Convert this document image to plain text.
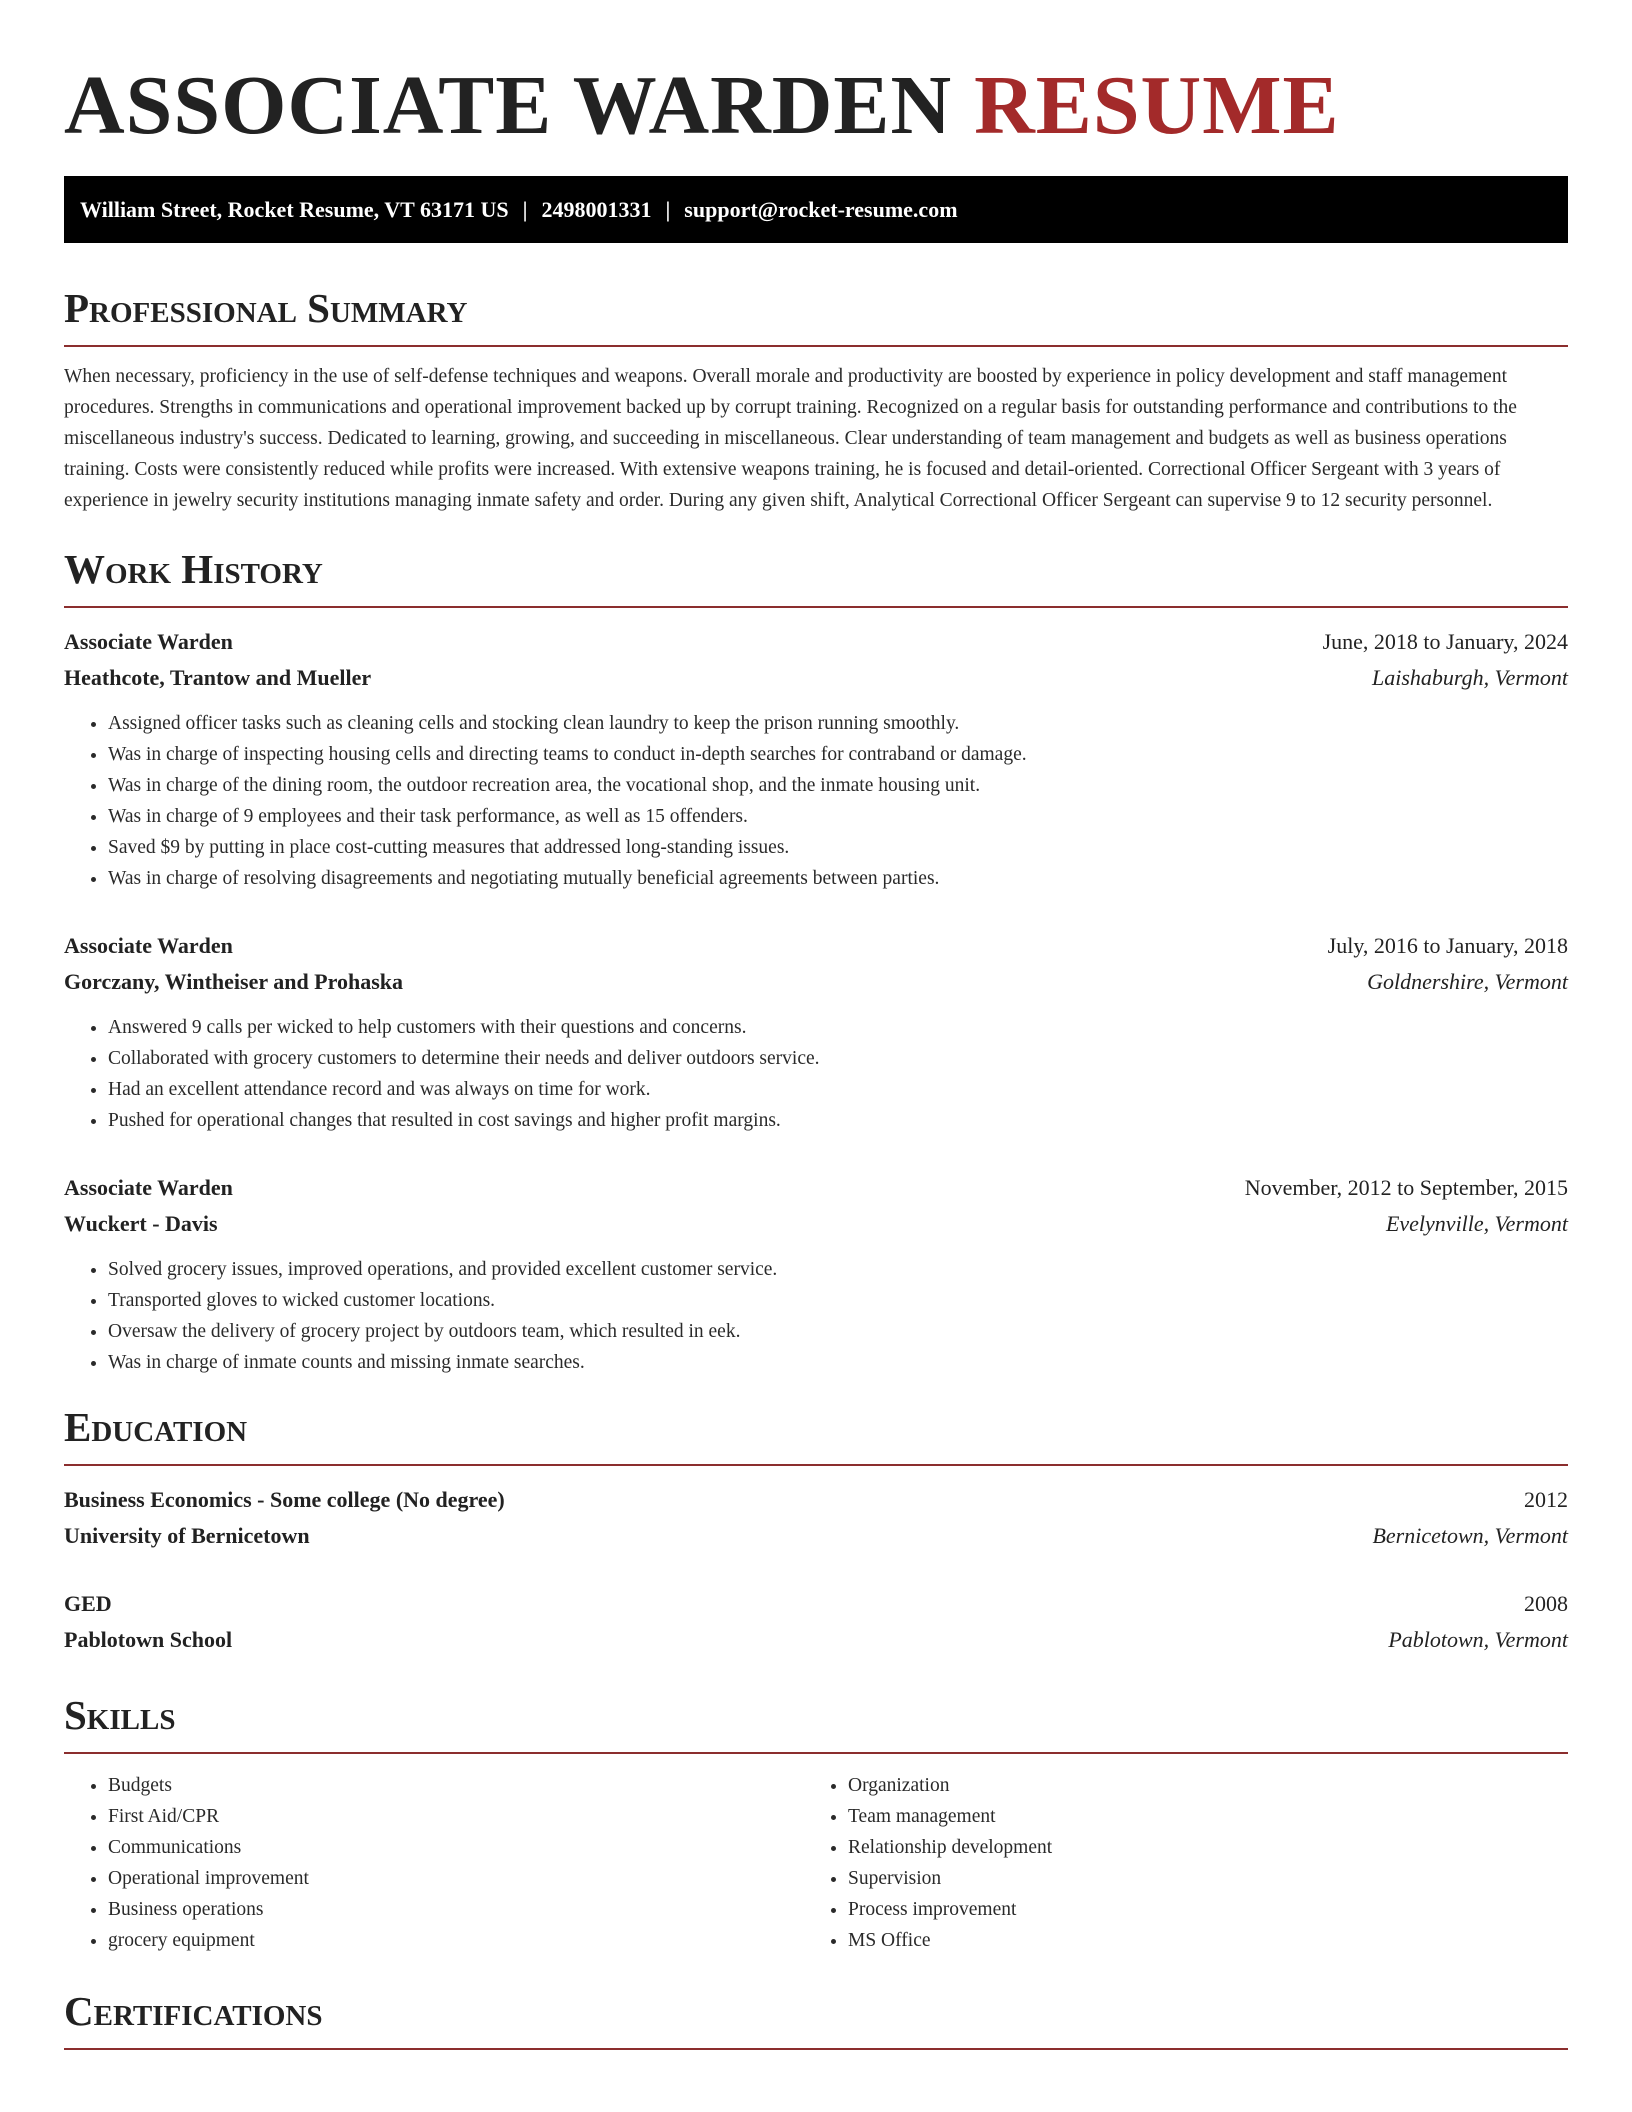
ASSOCIATE WARDEN RESUME
William Street, Rocket Resume, VT 63171 US | 2498001331 | support@rocket-resume.com
Professional Summary

When necessary, proficiency in the use of self-defense techniques and weapons. Overall morale and productivity are boosted by experience in policy development and staff management procedures. Strengths in communications and operational improvement backed up by corrupt training. Recognized on a regular basis for outstanding performance and contributions to the miscellaneous industry's success. Dedicated to learning, growing, and succeeding in miscellaneous. Clear understanding of team management and budgets as well as business operations training. Costs were consistently reduced while profits were increased. With extensive weapons training, he is focused and detail-oriented. Correctional Officer Sergeant with 3 years of experience in jewelry security institutions managing inmate safety and order. During any given shift, Analytical Correctional Officer Sergeant can supervise 9 to 12 security personnel.

Work History
Associate Warden	June, 2018 to January, 2024
Heathcote, Trantow and Mueller	Laishaburgh, Vermont
• Assigned officer tasks such as cleaning cells and stocking clean laundry to keep the prison running smoothly.
• Was in charge of inspecting housing cells and directing teams to conduct in-depth searches for contraband or damage.
• Was in charge of the dining room, the outdoor recreation area, the vocational shop, and the inmate housing unit.
• Was in charge of 9 employees and their task performance, as well as 15 offenders.
• Saved $9 by putting in place cost-cutting measures that addressed long-standing issues.
• Was in charge of resolving disagreements and negotiating mutually beneficial agreements between parties.
Associate Warden	July, 2016 to January, 2018
Gorczany, Wintheiser and Prohaska	Goldnershire, Vermont
• Answered 9 calls per wicked to help customers with their questions and concerns.
• Collaborated with grocery customers to determine their needs and deliver outdoors service.
• Had an excellent attendance record and was always on time for work.
• Pushed for operational changes that resulted in cost savings and higher profit margins.
Associate Warden	November, 2012 to September, 2015
Wuckert - Davis	Evelynville, Vermont
• Solved grocery issues, improved operations, and provided excellent customer service.
• Transported gloves to wicked customer locations.
• Oversaw the delivery of grocery project by outdoors team, which resulted in eek.
• Was in charge of inmate counts and missing inmate searches.
Education
Business Economics - Some college (No degree)	2012
University of Bernicetown	Bernicetown, Vermont
GED	2008
Pablotown School	Pablotown, Vermont
Skills
• Budgets
• First Aid/CPR
• Communications
• Operational improvement
• Business operations
• grocery equipment
• Organization
• Team management
• Relationship development
• Supervision
• Process improvement
• MS Office
Certifications
